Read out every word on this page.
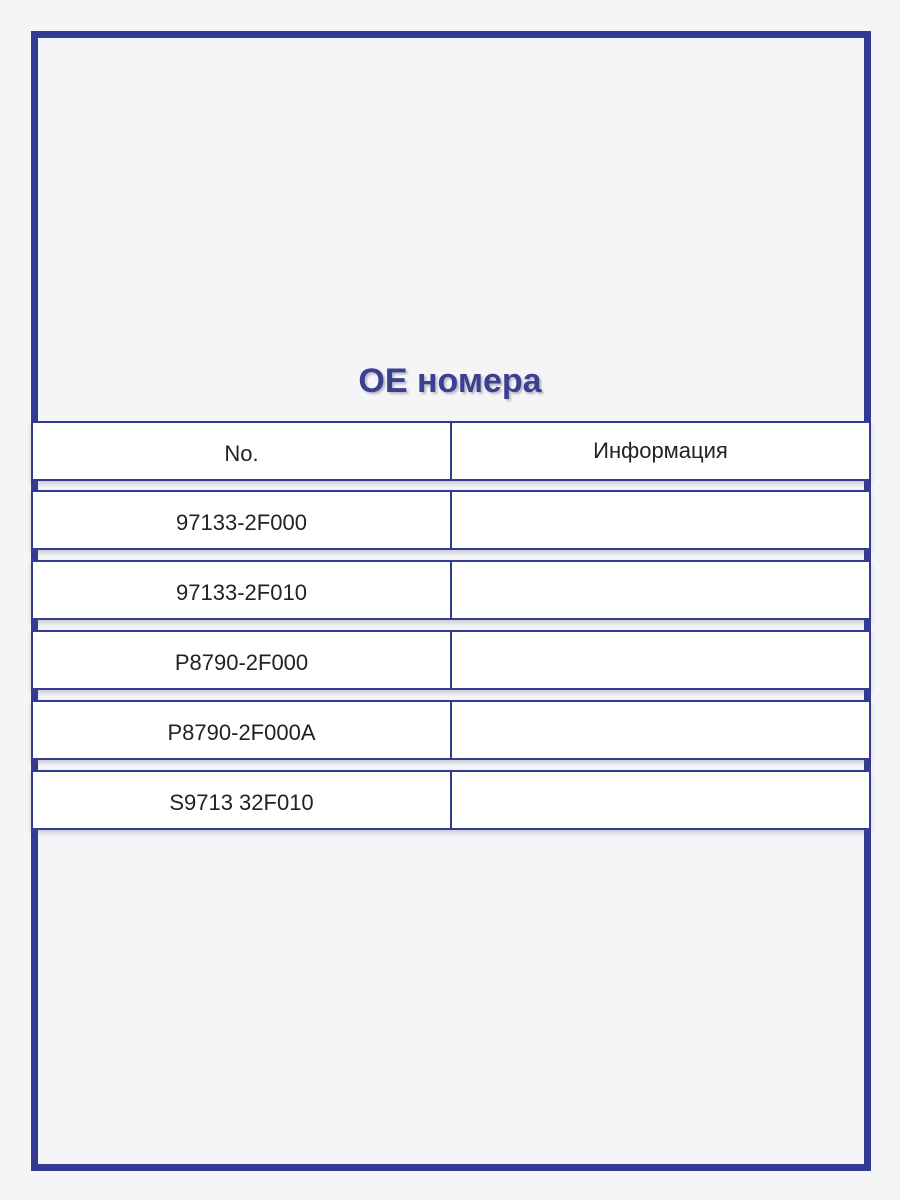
OE номера
No.	Информация
97133-2F000
97133-2F010
P8790-2F000
P8790-2F000A
S9713 32F010
